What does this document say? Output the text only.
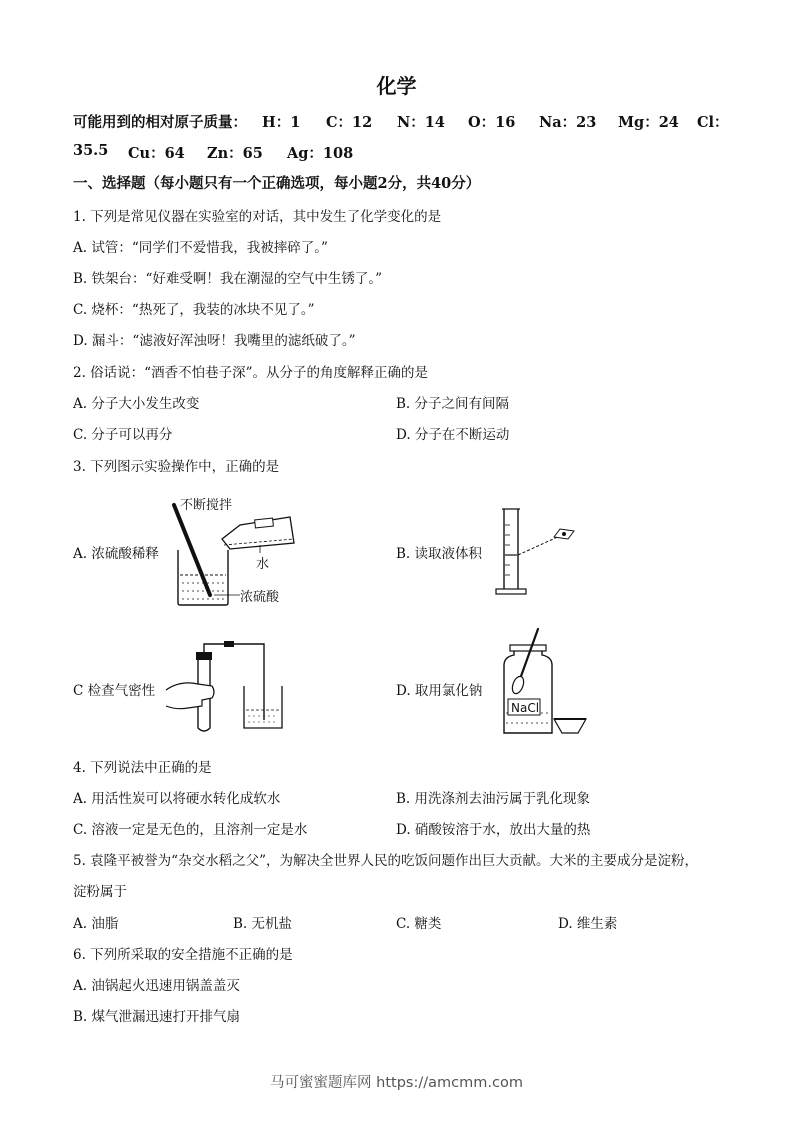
化学
可能用到的相对原子质量： H：1 C：12 N：14 O：16 Na：23 Mg：24 Cl：
35.5 Cu：64 Zn：65 Ag：108
一、选择题（每小题只有一个正确选项，每小题2分，共40分）
1. 下列是常见仪器在实验室的对话，其中发生了化学变化的是
A. 试管：“同学们不爱惜我，我被摔碎了。”
B. 铁架台：“好难受啊！我在潮湿的空气中生锈了。”
C. 烧杯：“热死了，我装的冰块不见了。”
D. 漏斗：“滤液好浑浊呀！我嘴里的滤纸破了。”
2. 俗话说：“酒香不怕巷子深”。从分子的角度解释正确的是
A. 分子大小发生改变	B. 分子之间有间隔
C. 分子可以再分	D. 分子在不断运动
3. 下列图示实验操作中，正确的是
A. 浓硫酸稀释	B. 读取液体积
C 检查气密性	D. 取用氯化钠
不断搅拌
水
浓硫酸
NaCl
4. 下列说法中正确的是
A. 用活性炭可以将硬水转化成软水	B. 用洗涤剂去油污属于乳化现象
C. 溶液一定是无色的，且溶剂一定是水	D. 硝酸铵溶于水，放出大量的热
5. 袁隆平被誉为“杂交水稻之父”，为解决全世界人民的吃饭问题作出巨大贡献。大米的主要成分是淀粉，
淀粉属于
A. 油脂	B. 无机盐	C. 糖类	D. 维生素
6. 下列所采取的安全措施不正确的是
A. 油锅起火迅速用锅盖盖灭
B. 煤气泄漏迅速打开排气扇
马可蜜蜜题库网 https://amcmm.com
